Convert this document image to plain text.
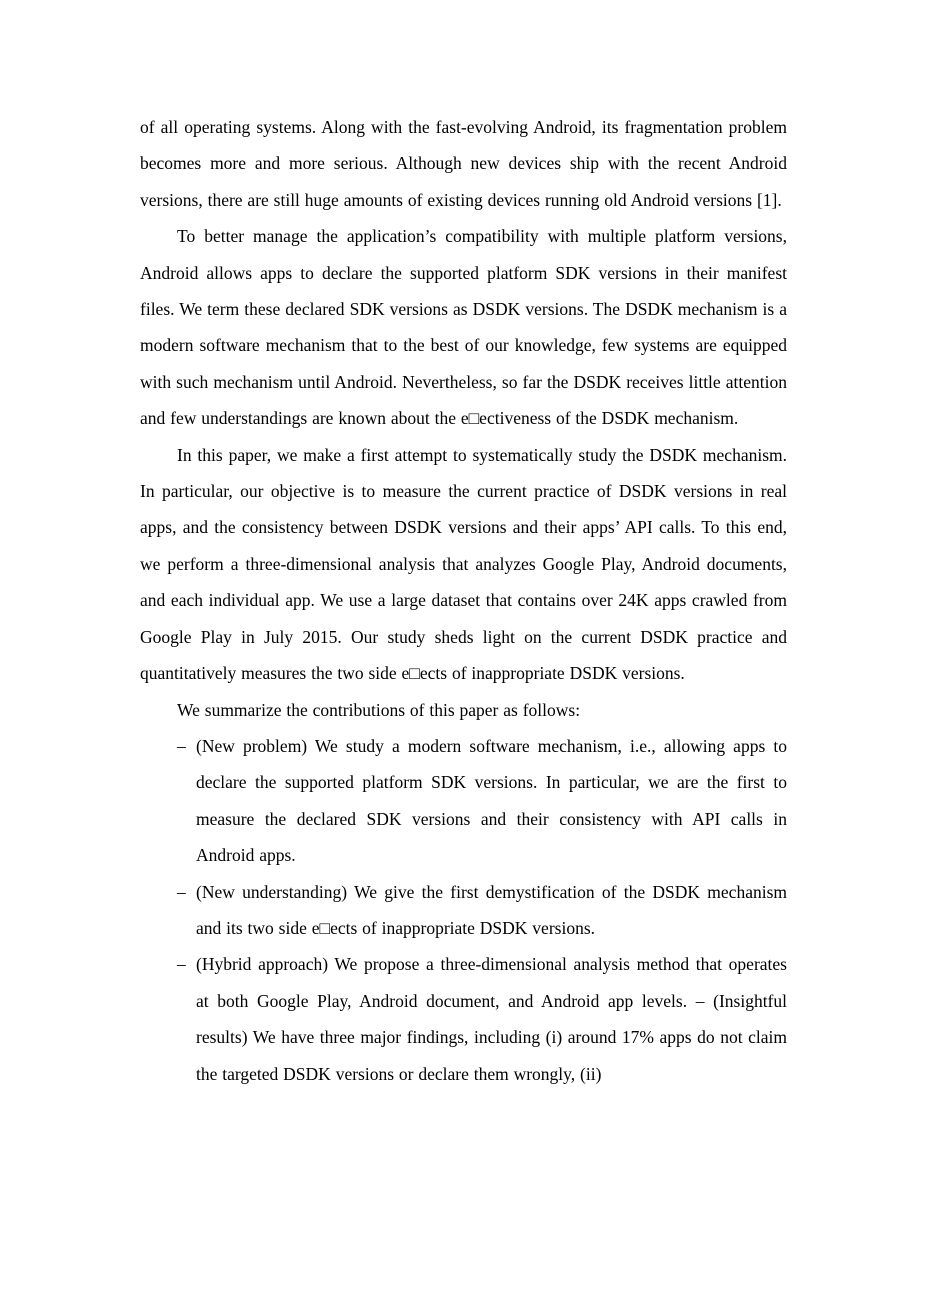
of all operating systems. Along with the fast-evolving Android, its fragmentation problem becomes more and more serious. Although new devices ship with the recent Android versions, there are still huge amounts of existing devices running old Android versions [1].

To better manage the application’s compatibility with multiple platform versions, Android allows apps to declare the supported platform SDK versions in their manifest files. We term these declared SDK versions as DSDK versions. The DSDK mechanism is a modern software mechanism that to the best of our knowledge, few systems are equipped with such mechanism until Android. Nevertheless, so far the DSDK receives little attention and few understandings are known about the e□ectiveness of the DSDK mechanism.

In this paper, we make a first attempt to systematically study the DSDK mechanism. In particular, our objective is to measure the current practice of DSDK versions in real apps, and the consistency between DSDK versions and their apps’ API calls. To this end, we perform a three-dimensional analysis that analyzes Google Play, Android documents, and each individual app. We use a large dataset that contains over 24K apps crawled from Google Play in July 2015. Our study sheds light on the current DSDK practice and quantitatively measures the two side e□ects of inappropriate DSDK versions.

We summarize the contributions of this paper as follows:

– (New problem) We study a modern software mechanism, i.e., allowing apps to declare the supported platform SDK versions. In particular, we are the first to measure the declared SDK versions and their consistency with API calls in Android apps.
– (New understanding) We give the first demystification of the DSDK mechanism and its two side e□ects of inappropriate DSDK versions.
– (Hybrid approach) We propose a three-dimensional analysis method that operates at both Google Play, Android document, and Android app levels. – (Insightful results) We have three major findings, including (i) around 17% apps do not claim the targeted DSDK versions or declare them wrongly, (ii)
